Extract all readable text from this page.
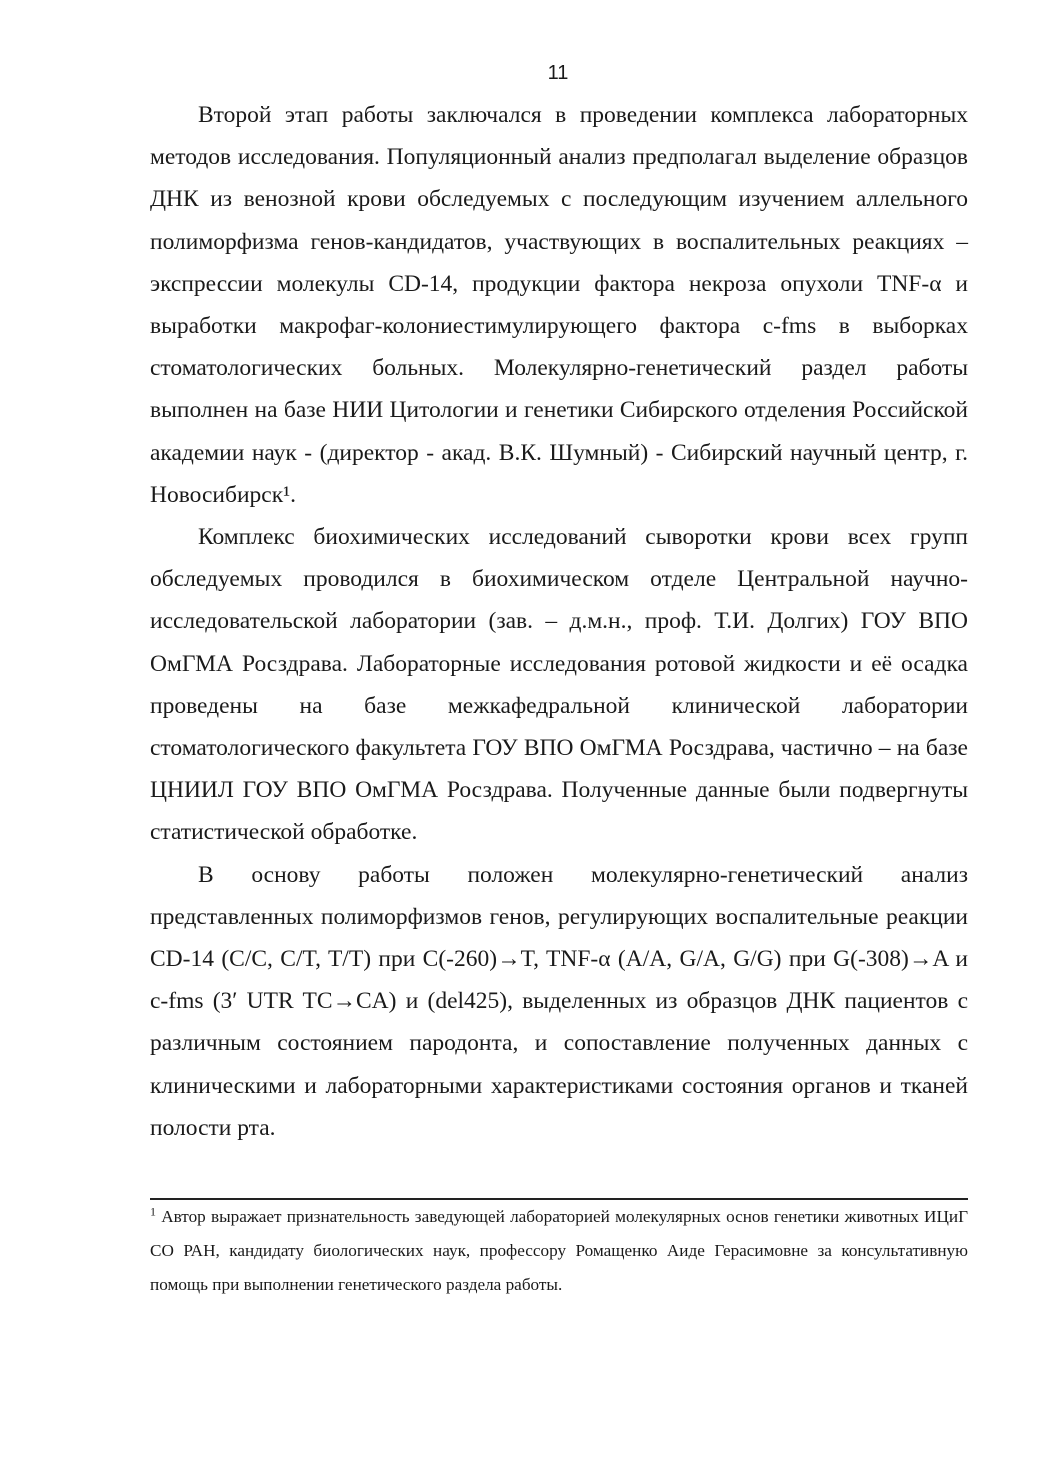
11

Второй этап работы заключался в проведении комплекса лабораторных методов исследования. Популяционный анализ предполагал выделение образцов ДНК из венозной крови обследуемых с последующим изучением аллельного полиморфизма генов-кандидатов, участвующих в воспалительных реакциях – экспрессии молекулы CD-14, продукции фактора некроза опухоли TNF-α и выработки макрофаг-колониестимулирующего фактора c-fms в выборках стоматологических больных. Молекулярно-генетический раздел работы выполнен на базе НИИ Цитологии и генетики Сибирского отделения Российской академии наук - (директор - акад. В.К. Шумный) - Сибирский научный центр, г. Новосибирск¹.

Комплекс биохимических исследований сыворотки крови всех групп обследуемых проводился в биохимическом отделе Центральной научно-исследовательской лаборатории (зав. – д.м.н., проф. Т.И. Долгих) ГОУ ВПО ОмГМА Росздрава. Лабораторные исследования ротовой жидкости и её осадка проведены на базе межкафедральной клинической лаборатории стоматологического факультета ГОУ ВПО ОмГМА Росздрава, частично – на базе ЦНИИЛ ГОУ ВПО ОмГМА Росздрава. Полученные данные были подвергнуты статистической обработке.

В основу работы положен молекулярно-генетический анализ представленных полиморфизмов генов, регулирующих воспалительные реакции CD-14 (C/C, C/T, T/T) при C(-260)→T, TNF-α (A/A, G/A, G/G) при G(-308)→A и c-fms (3′ UTR TC→CA) и (del425), выделенных из образцов ДНК пациентов с различным состоянием пародонта, и сопоставление полученных данных с клиническими и лабораторными характеристиками состояния органов и тканей полости рта.

$^1$ Автор выражает признательность заведующей лабораторией молекулярных основ генетики животных ИЦиГ СО РАН, кандидату биологических наук, профессору Ромащенко Аиде Герасимовне за консультативную помощь при выполнении генетического раздела работы.
